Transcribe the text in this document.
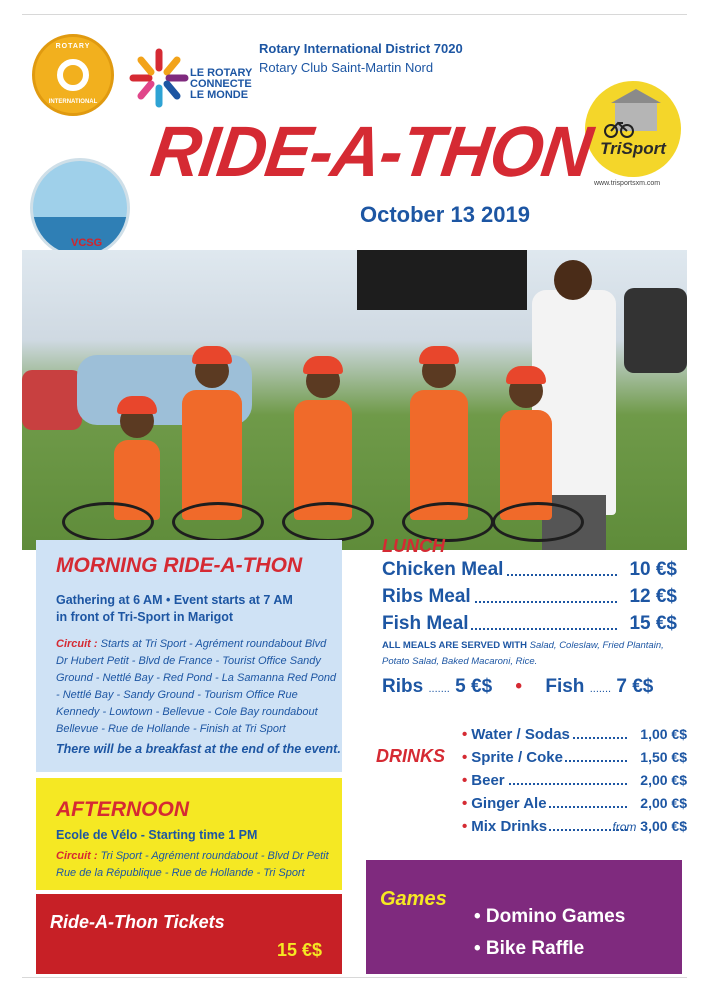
ROTARY
INTERNATIONAL
LE ROTARY
CONNECTE
LE MONDE
Rotary International District 7020
Rotary Club Saint-Martin Nord
TriSport
www.trisportsxm.com
VCSG
RIDE-A-THON
October 13 2019
MORNING RIDE-A-THON
Gathering at 6 AM • Event starts at 7 AM
in front of Tri-Sport in Marigot
Circuit : Starts at Tri Sport - Agrément roundabout Blvd Dr Hubert Petit - Blvd de France - Tourist Office Sandy Ground - Nettlé Bay - Red Pond - La Samanna Red Pond - Nettlé Bay - Sandy Ground - Tourism Office Rue Kennedy - Lowtown - Bellevue - Cole Bay roundabout Bellevue - Rue de Hollande - Finish at Tri Sport
There will be a breakfast at the end of the event.
AFTERNOON
Ecole de Vélo - Starting time 1 PM
Circuit : Tri Sport - Agrément roundabout - Blvd Dr Petit Rue de la République - Rue de Hollande - Tri Sport
Ride-A-Thon Tickets
15 €$
LUNCH
Chicken Meal	10 €$
Ribs Meal	12 €$
Fish Meal	15 €$
ALL MEALS ARE SERVED WITH Salad, Coleslaw, Fried Plantain, Potato Salad, Baked Macaroni, Rice.
Ribs ....... 5 €$ • Fish ....... 7 €$
DRINKS
• Water / Sodas	1,00 €$
• Sprite / Coke	1,50 €$
• Beer	2,00 €$
• Ginger Ale	2,00 €$
• Mix Drinks	from 3,00 €$
Games
• Domino Games
• Bike Raffle
